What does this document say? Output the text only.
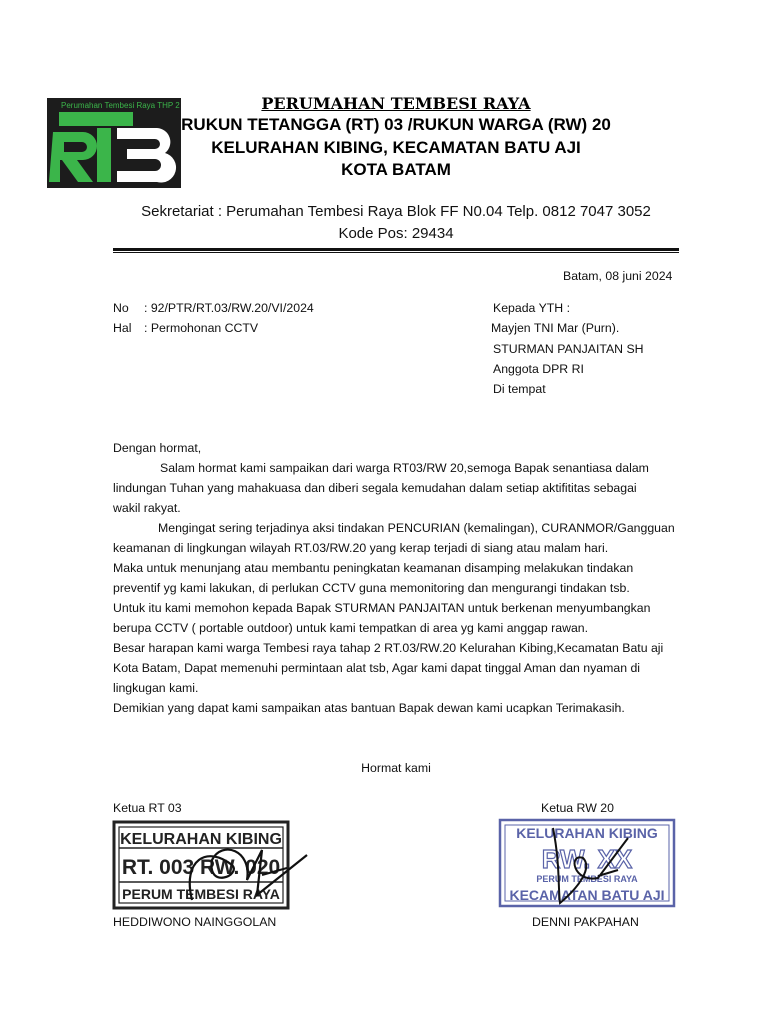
Perumahan Tembesi Raya THP 2	PERUMAHAN TEMBESI RAYA
RUKUN TETANGGA (RT) 03 /RUKUN WARGA (RW) 20
KELURAHAN KIBING, KECAMATAN BATU AJI
KOTA BATAM
Sekretariat : Perumahan Tembesi Raya Blok FF N0.04 Telp. 0812 7047 3052
Kode Pos: 29434
Batam, 08 juni 2024
No : 92/PTR/RT.03/RW.20/VI/2024
Hal : Permohonan CCTV
Kepada YTH :
Mayjen TNI Mar (Purn).
STURMAN PANJAITAN SH
Anggota DPR RI
Di tempat
Dengan hormat,
Salam hormat kami sampaikan dari warga RT03/RW 20,semoga Bapak senantiasa dalam
lindungan Tuhan yang mahakuasa dan diberi segala kemudahan dalam setiap aktifititas sebagai
wakil rakyat.
Mengingat sering terjadinya aksi tindakan PENCURIAN (kemalingan), CURANMOR/Gangguan
keamanan di lingkungan wilayah RT.03/RW.20 yang kerap terjadi di siang atau malam hari.
Maka untuk menunjang atau membantu peningkatan keamanan disamping melakukan tindakan
preventif yg kami lakukan, di perlukan CCTV guna memonitoring dan mengurangi tindakan tsb.
Untuk itu kami memohon kepada Bapak STURMAN PANJAITAN untuk berkenan menyumbangkan
berupa CCTV ( portable outdoor) untuk kami tempatkan di area yg kami anggap rawan.
Besar harapan kami warga Tembesi raya tahap 2 RT.03/RW.20 Kelurahan Kibing,Kecamatan Batu aji
Kota Batam, Dapat memenuhi permintaan alat tsb, Agar kami dapat tinggal Aman dan nyaman di
lingkugan kami.
Demikian yang dapat kami sampaikan atas bantuan Bapak dewan kami ucapkan Terimakasih.
Hormat kami
Ketua RT 03	Ketua RW 20
KELURAHAN KIBING
RT. 003 RW. 020
PERUM TEMBESI RAYA
KELURAHAN KIBING
RW. XX
PERUM TEMBESI RAYA
KECAMATAN BATU AJI
HEDDIWONO NAINGGOLAN	DENNI PAKPAHAN
